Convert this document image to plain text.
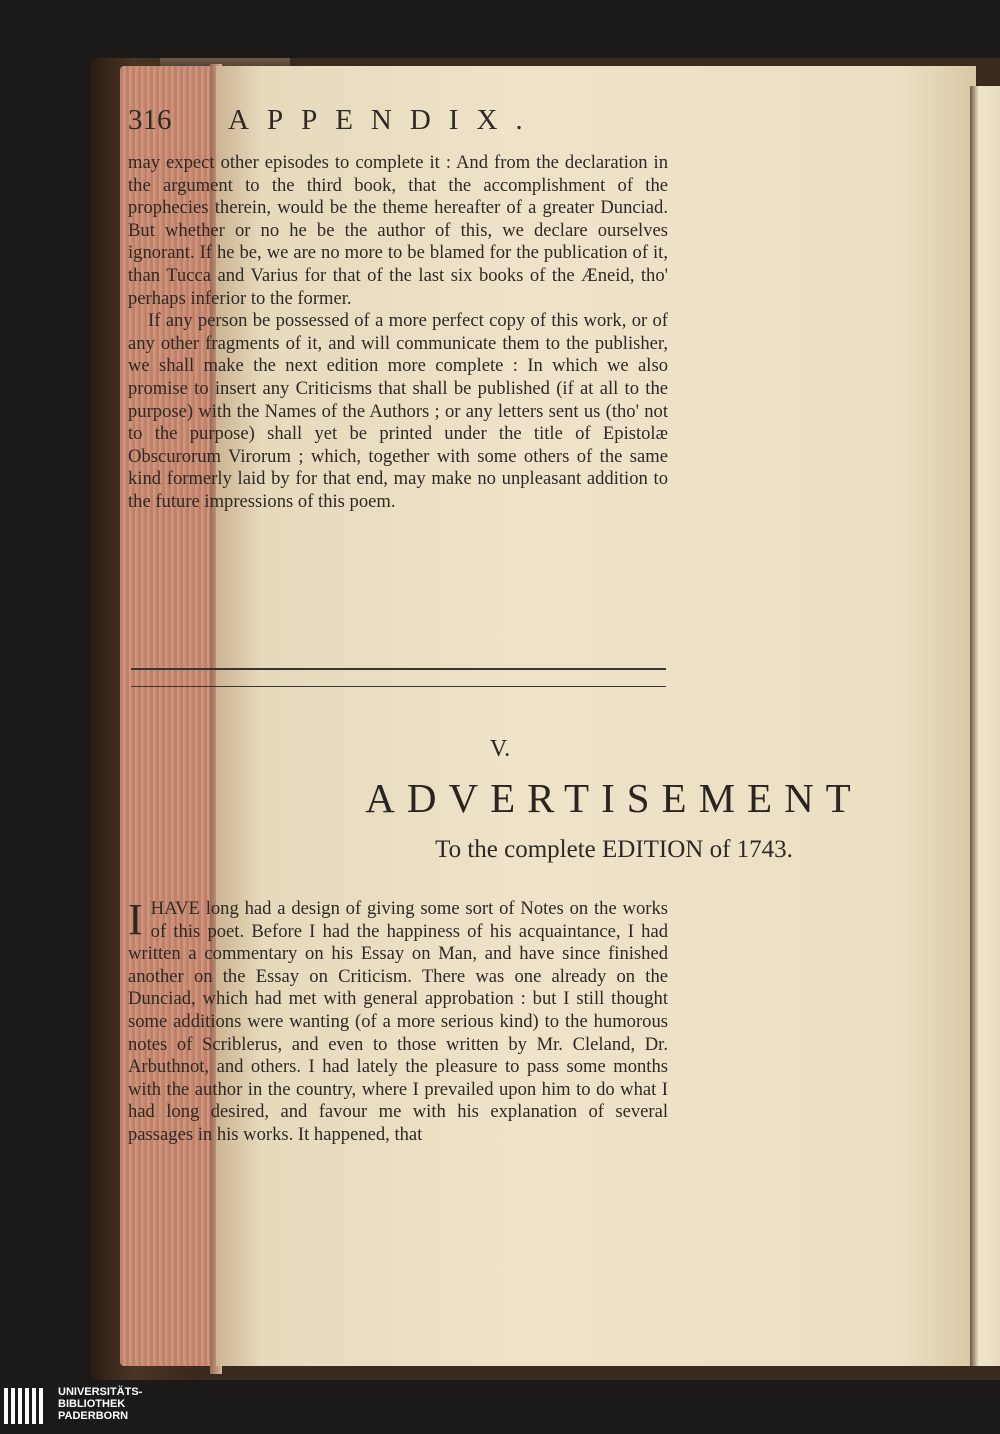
316 APPENDIX.

may expect other episodes to complete it : And from the declaration in the argument to the third book, that the accomplishment of the prophecies therein, would be the theme hereafter of a greater Dunciad. But whether or no he be the author of this, we declare ourselves ignorant. If he be, we are no more to be blamed for the publication of it, than Tucca and Varius for that of the last six books of the Æneid, tho' perhaps inferior to the former.

If any person be possessed of a more perfect copy of this work, or of any other fragments of it, and will communicate them to the publisher, we shall make the next edition more complete : In which we also promise to insert any Criticisms that shall be published (if at all to the purpose) with the Names of the Authors ; or any letters sent us (tho' not to the purpose) shall yet be printed under the title of Epistolæ Obscurorum Virorum ; which, together with some others of the same kind formerly laid by for that end, may make no unpleasant addition to the future impressions of this poem.

V.
ADVERTISEMENT
To the complete EDITION of 1743.

IHAVE long had a design of giving some sort of Notes on the works of this poet. Before I had the happiness of his acquaintance, I had written a commentary on his Essay on Man, and have since finished another on the Essay on Criticism. There was one already on the Dunciad, which had met with general approbation : but I still thought some additions were wanting (of a more serious kind) to the humorous notes of Scriblerus, and even to those written by Mr. Cleland, Dr. Arbuthnot, and others. I had lately the pleasure to pass some months with the author in the country, where I prevailed upon him to do what I had long desired, and favour me with his explanation of several passages in his works. It happened, that

UNIVERSITÄTS-
BIBLIOTHEK
PADERBORN
